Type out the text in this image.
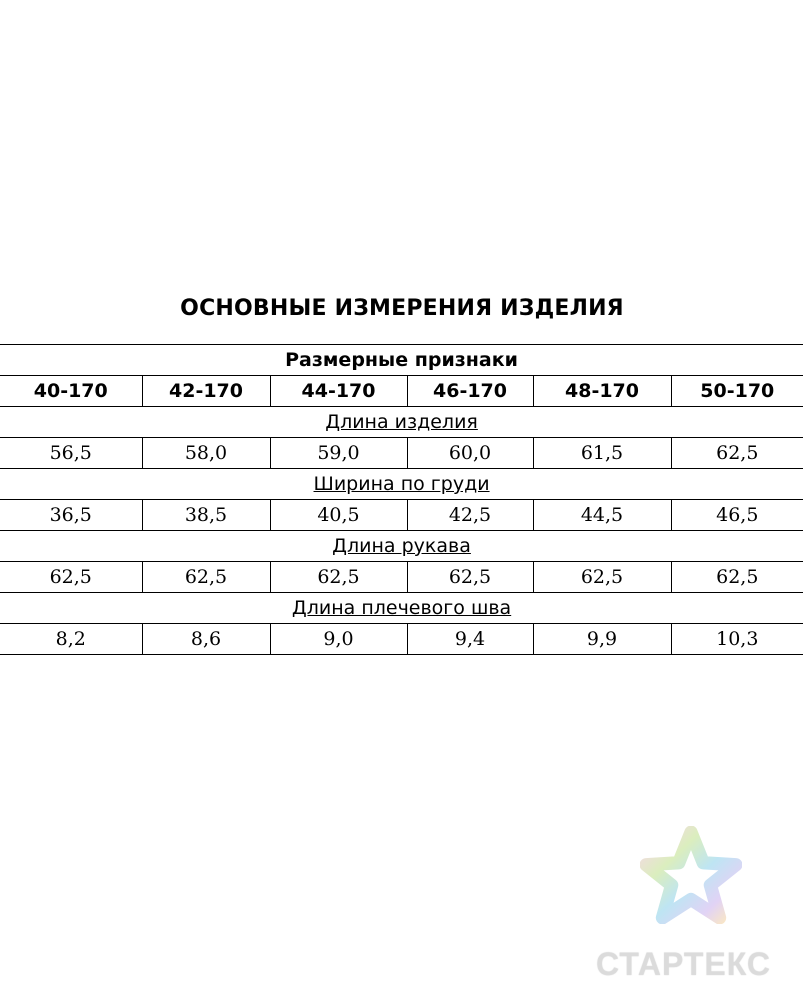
ОСНОВНЫЕ ИЗМЕРЕНИЯ ИЗДЕЛИЯ
Размерные признаки					
40-170	42-170	44-170	46-170	48-170	50-170
Длина изделия					
56,5	58,0	59,0	60,0	61,5	62,5
Ширина по груди					
36,5	38,5	40,5	42,5	44,5	46,5
Длина рукава					
62,5	62,5	62,5	62,5	62,5	62,5
Длина плечевого шва					
8,2	8,6	9,0	9,4	9,9	10,3
СТАРТЕКС
